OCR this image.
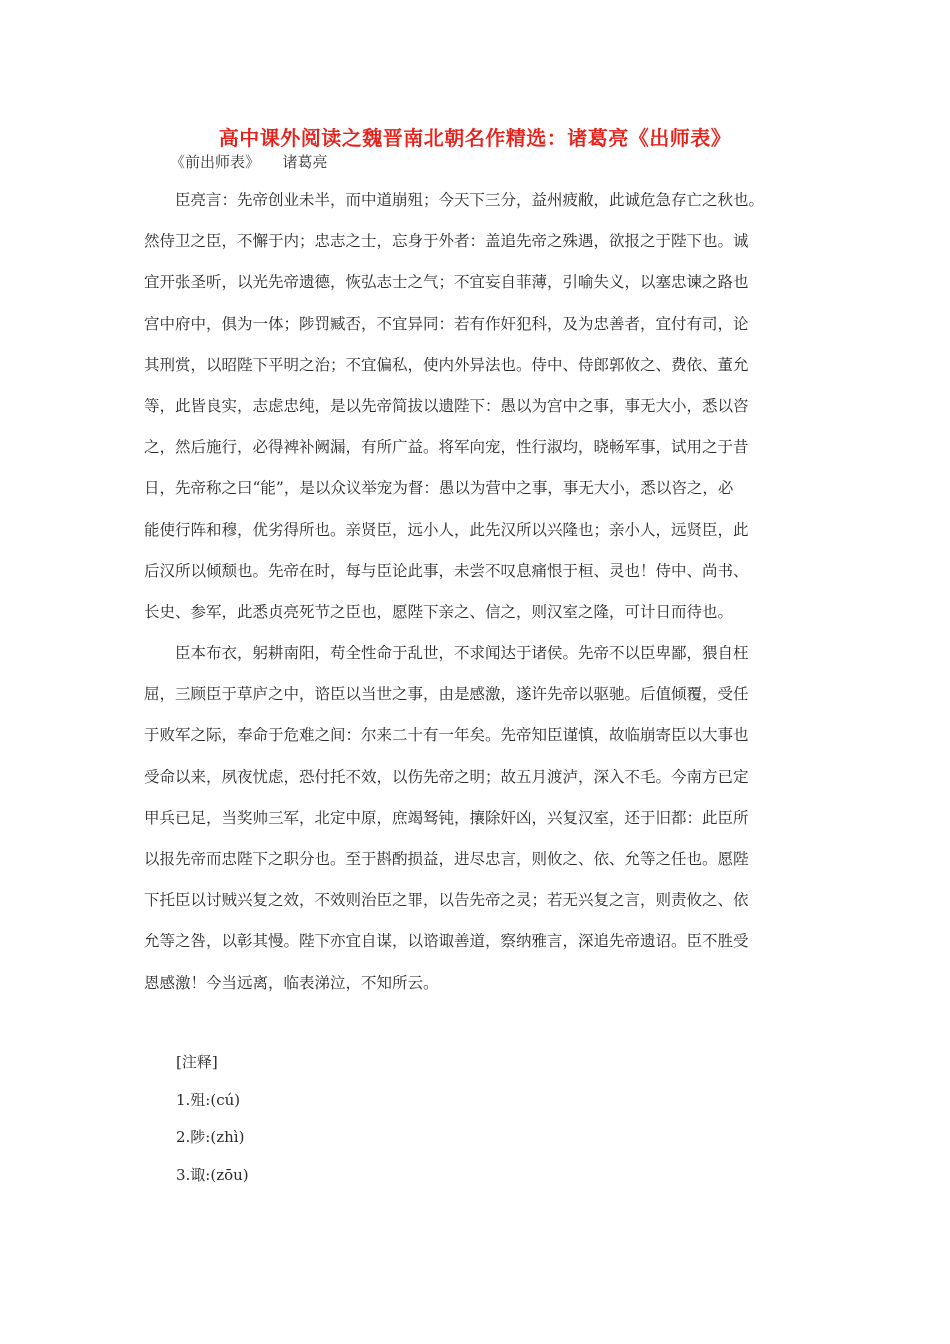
高中课外阅读之魏晋南北朝名作精选：诸葛亮《出师表》
《前出师表》　　诸葛亮
　　臣亮言：先帝创业未半，而中道崩殂；今天下三分，益州疲敝，此诚危急存亡之秋也。
然侍卫之臣，不懈于内；忠志之士，忘身于外者：盖追先帝之殊遇，欲报之于陛下也。诚
宜开张圣听，以光先帝遗德，恢弘志士之气；不宜妄自菲薄，引喻失义，以塞忠谏之路也
宫中府中，俱为一体；陟罚臧否，不宜异同：若有作奸犯科，及为忠善者，宜付有司，论
其刑赏，以昭陛下平明之治；不宜偏私，使内外异法也。侍中、侍郎郭攸之、费依、董允
等，此皆良实，志虑忠纯，是以先帝简拔以遗陛下：愚以为宫中之事，事无大小，悉以咨
之，然后施行，必得裨补阙漏，有所广益。将军向宠，性行淑均，晓畅军事，试用之于昔
日，先帝称之曰“能”，是以众议举宠为督：愚以为营中之事，事无大小，悉以咨之，必
能使行阵和穆，优劣得所也。亲贤臣，远小人，此先汉所以兴隆也；亲小人，远贤臣，此
后汉所以倾颓也。先帝在时，每与臣论此事，未尝不叹息痛恨于桓、灵也！侍中、尚书、
长史、参军，此悉贞亮死节之臣也，愿陛下亲之、信之，则汉室之隆，可计日而待也。
　　臣本布衣，躬耕南阳，苟全性命于乱世，不求闻达于诸侯。先帝不以臣卑鄙，猥自枉
屈，三顾臣于草庐之中，谘臣以当世之事，由是感激，遂许先帝以驱驰。后值倾覆，受任
于败军之际，奉命于危难之间：尔来二十有一年矣。先帝知臣谨慎，故临崩寄臣以大事也
受命以来，夙夜忧虑，恐付托不效，以伤先帝之明；故五月渡泸，深入不毛。今南方已定
甲兵已足，当奖帅三军，北定中原，庶竭驽钝，攘除奸凶，兴复汉室，还于旧都：此臣所
以报先帝而忠陛下之职分也。至于斟酌损益，进尽忠言，则攸之、依、允等之任也。愿陛
下托臣以讨贼兴复之效，不效则治臣之罪，以告先帝之灵；若无兴复之言，则责攸之、依
允等之咎，以彰其慢。陛下亦宜自谋，以谘诹善道，察纳雅言，深追先帝遗诏。臣不胜受
恩感激！今当远离，临表涕泣，不知所云。
[注释]
1.殂:(cú)
2.陟:(zhì)
3.诹:(zōu)
